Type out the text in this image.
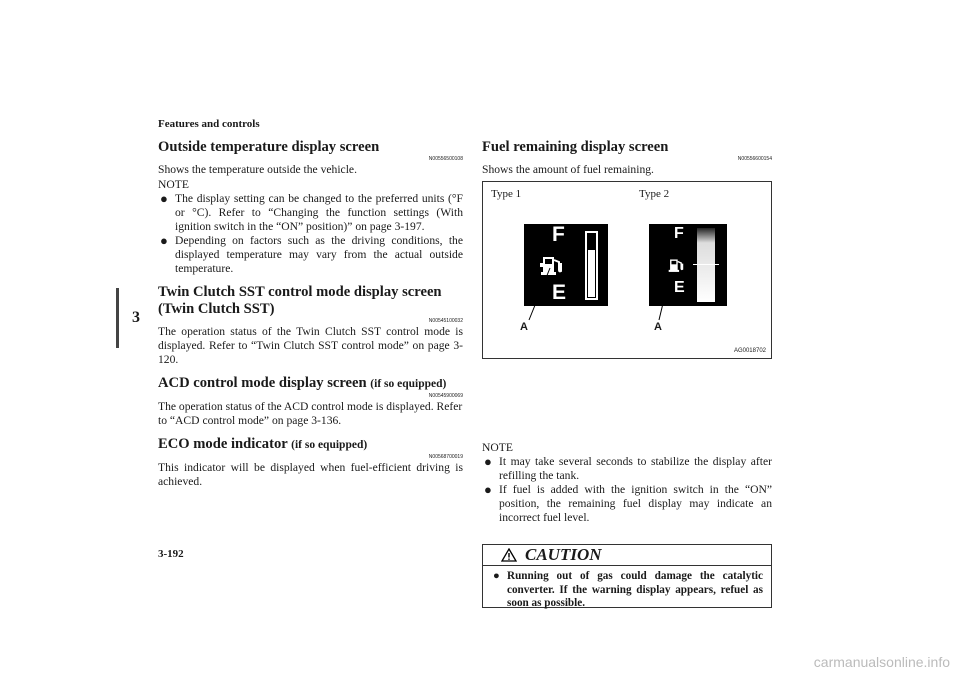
Features and controls
3
Outside temperature display screen
N00556500108
Shows the temperature outside the vehicle.
NOTE
● The display setting can be changed to the preferred units (°F or °C). Refer to “Changing the function settings (With ignition switch in the “ON” position)” on page 3-197.
● Depending on factors such as the driving conditions, the displayed temperature may vary from the actual outside temperature.
Twin Clutch SST control mode display screen (Twin Clutch SST)
N00545100032
The operation status of the Twin Clutch SST control mode is displayed. Refer to “Twin Clutch SST control mode” on page 3-120.
ACD control mode display screen (if so equipped)
N00545900069
The operation status of the ACD control mode is displayed. Refer to “ACD control mode” on page 3-136.
ECO mode indicator (if so equipped)
N00568700019
This indicator will be displayed when fuel-efficient driving is achieved.
Fuel remaining display screen
N00556600154
Shows the amount of fuel remaining.
Type 1	Type 2
F
E
A
F
E
A
AG0018702
CAUTION
● Running out of gas could damage the catalytic converter. If the warning display appears, refuel as soon as possible.
NOTE
● It may take several seconds to stabilize the display after refilling the tank.
● If fuel is added with the ignition switch in the “ON” position, the remaining fuel display may indicate an incorrect fuel level.
3-192
carmanualsonline.info
